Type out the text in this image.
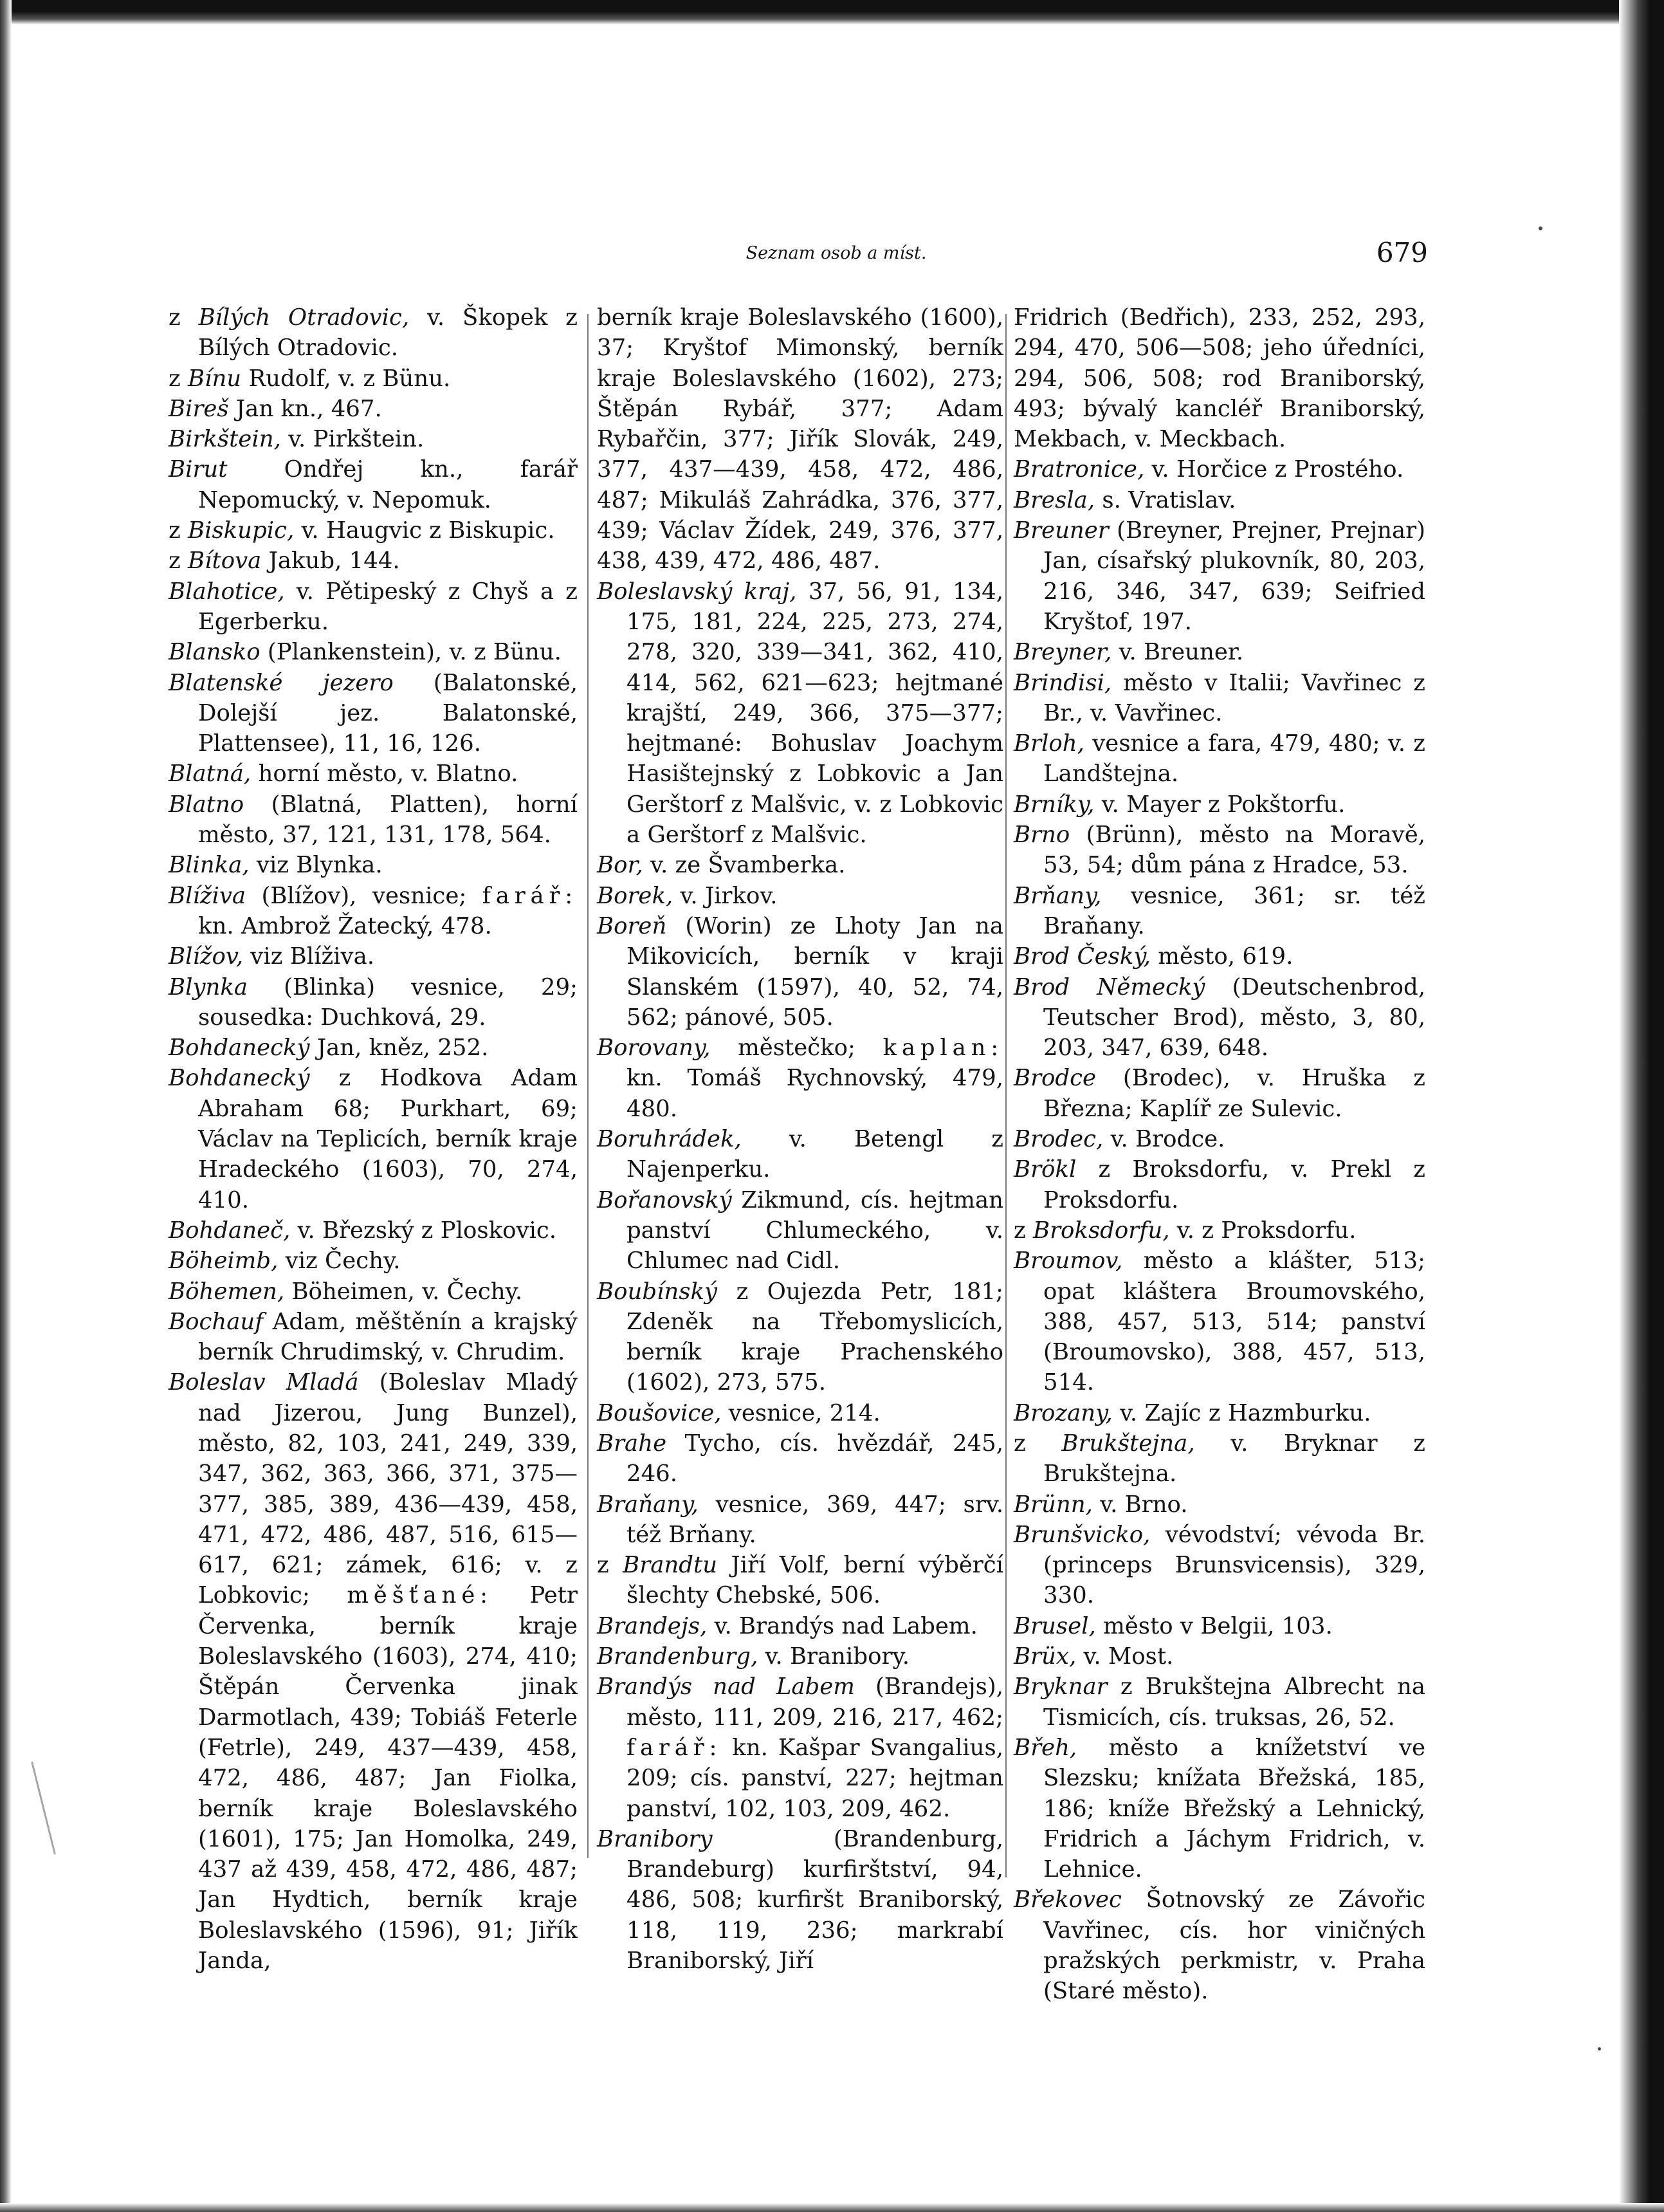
Seznam osob a míst.	679

z Bílých Otradovic, v. Škopek z Bílých Otradovic.

z Bínu Rudolf, v. z Bünu.

Bireš Jan kn., 467.

Birkštein, v. Pirkštein.

Birut Ondřej kn., farář Nepomucký, v. Nepomuk.

z Biskupic, v. Haugvic z Biskupic.

z Bítova Jakub, 144.

Blahotice, v. Pětipeský z Chyš a z Egerberku.

Blansko (Plankenstein), v. z Bünu.

Blatenské jezero (Balatonské, Dolejší jez. Balatonské, Plattensee), 11, 16, 126.

Blatná, horní město, v. Blatno.

Blatno (Blatná, Platten), horní město, 37, 121, 131, 178, 564.

Blinka, viz Blynka.

Blíživa (Blížov), vesnice; farář: kn. Ambrož Žatecký, 478.

Blížov, viz Blíživa.

Blynka (Blinka) vesnice, 29; sousedka: Duchková, 29.

Bohdanecký Jan, kněz, 252.

Bohdanecký z Hodkova Adam Abraham 68; Purkhart, 69; Václav na Teplicích, berník kraje Hradeckého (1603), 70, 274, 410.

Bohdaneč, v. Březský z Ploskovic.

Böheimb, viz Čechy.

Böhemen, Böheimen, v. Čechy.

Bochauf Adam, měštěnín a krajský berník Chrudimský, v. Chrudim.

Boleslav Mladá (Boleslav Mladý nad Jizerou, Jung Bunzel), město, 82, 103, 241, 249, 339, 347, 362, 363, 366, 371, 375—377, 385, 389, 436—439, 458, 471, 472, 486, 487, 516, 615—617, 621; zámek, 616; v. z Lobkovic; měšťané: Petr Červenka, berník kraje Boleslavského (1603), 274, 410; Štěpán Červenka jinak Darmotlach, 439; Tobiáš Feterle (Fetrle), 249, 437—439, 458, 472, 486, 487; Jan Fiolka, berník kraje Boleslavského (1601), 175; Jan Homolka, 249, 437 až 439, 458, 472, 486, 487; Jan Hydtich, berník kraje Boleslavského (1596), 91; Jiřík Janda,

berník kraje Boleslavského (1600), 37; Kryštof Mimonský, berník kraje Boleslavského (1602), 273; Štěpán Rybář, 377; Adam Rybařčin, 377; Jiřík Slovák, 249, 377, 437—439, 458, 472, 486, 487; Mikuláš Zahrádka, 376, 377, 439; Václav Žídek, 249, 376, 377, 438, 439, 472, 486, 487.

Boleslavský kraj, 37, 56, 91, 134, 175, 181, 224, 225, 273, 274, 278, 320, 339—341, 362, 410, 414, 562, 621—623; hejtmané krajští, 249, 366, 375—377; hejtmané: Bohuslav Joachym Hasištejnský z Lobkovic a Jan Gerštorf z Malšvic, v. z Lobkovic a Gerštorf z Malšvic.

Bor, v. ze Švamberka.

Borek, v. Jirkov.

Boreň (Worin) ze Lhoty Jan na Mikovicích, berník v kraji Slanském (1597), 40, 52, 74, 562; pánové, 505.

Borovany, městečko; kaplan: kn. Tomáš Rychnovský, 479, 480.

Boruhrádek, v. Betengl z Najenperku.

Bořanovský Zikmund, cís. hejtman panství Chlumeckého, v. Chlumec nad Cidl.

Boubínský z Oujezda Petr, 181; Zdeněk na Třebomyslicích, berník kraje Prachenského (1602), 273, 575.

Boušovice, vesnice, 214.

Brahe Tycho, cís. hvězdář, 245, 246.

Braňany, vesnice, 369, 447; srv. též Brňany.

z Brandtu Jiří Volf, berní výběrčí šlechty Chebské, 506.

Brandejs, v. Brandýs nad Labem.

Brandenburg, v. Branibory.

Brandýs nad Labem (Brandejs), město, 111, 209, 216, 217, 462; farář: kn. Kašpar Svangalius, 209; cís. panství, 227; hejtman panství, 102, 103, 209, 462.

Branibory (Brandenburg, Brandeburg) kurfirštství, 94, 486, 508; kurfiršt Braniborský, 118, 119, 236; markrabí Braniborský, Jiří

Fridrich (Bedřich), 233, 252, 293, 294, 470, 506—508; jeho úředníci, 294, 506, 508; rod Braniborský, 493; bývalý kancléř Braniborský, Mekbach, v. Meckbach.

Bratronice, v. Horčice z Prostého.

Bresla, s. Vratislav.

Breuner (Breyner, Prejner, Prejnar) Jan, císařský plukovník, 80, 203, 216, 346, 347, 639; Seifried Kryštof, 197.

Breyner, v. Breuner.

Brindisi, město v Italii; Vavřinec z Br., v. Vavřinec.

Brloh, vesnice a fara, 479, 480; v. z Landštejna.

Brníky, v. Mayer z Pokštorfu.

Brno (Brünn), město na Moravě, 53, 54; dům pána z Hradce, 53.

Brňany, vesnice, 361; sr. též Braňany.

Brod Český, město, 619.

Brod Německý (Deutschenbrod, Teutscher Brod), město, 3, 80, 203, 347, 639, 648.

Brodce (Brodec), v. Hruška z Března; Kaplíř ze Sulevic.

Brodec, v. Brodce.

Brökl z Broksdorfu, v. Prekl z Proksdorfu.

z Broksdorfu, v. z Proksdorfu.

Broumov, město a klášter, 513; opat kláštera Broumovského, 388, 457, 513, 514; panství (Broumovsko), 388, 457, 513, 514.

Brozany, v. Zajíc z Hazmburku.

z Brukštejna, v. Bryknar z Brukštejna.

Brünn, v. Brno.

Brunšvicko, vévodství; vévoda Br. (princeps Brunsvicensis), 329, 330.

Brusel, město v Belgii, 103.

Brüx, v. Most.

Bryknar z Brukštejna Albrecht na Tismicích, cís. truksas, 26, 52.

Břeh, město a knížetství ve Slezsku; knížata Břežská, 185, 186; kníže Břežský a Lehnický, Fridrich a Jáchym Fridrich, v. Lehnice.

Břekovec Šotnovský ze Závořic Vavřinec, cís. hor viničných pražských perkmistr, v. Praha (Staré město).
